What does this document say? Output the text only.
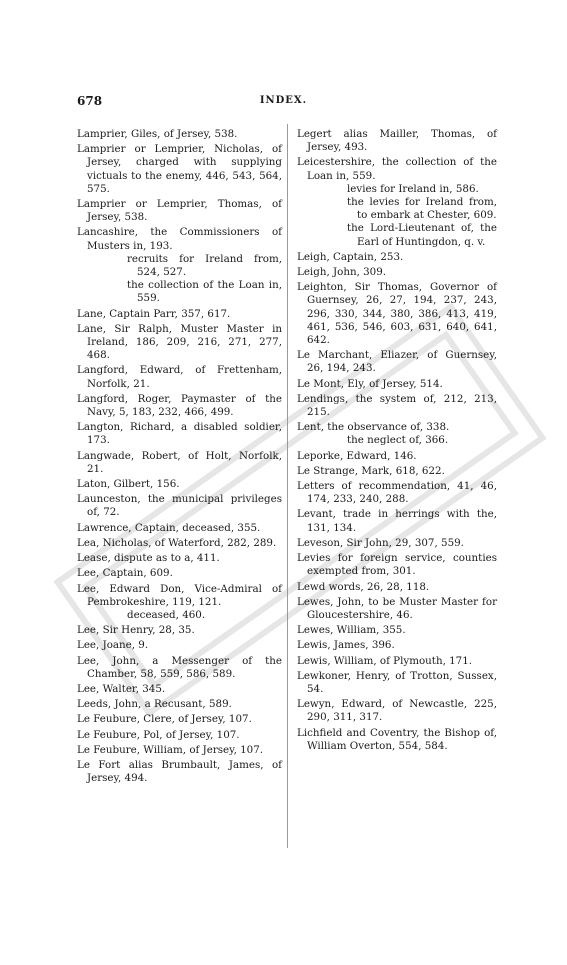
678	INDEX.
Lamprier, Giles, of Jersey, 538.
Lamprier or Lemprier, Nicholas, of Jersey, charged with supplying victuals to the enemy, 446, 543, 564, 575.
Lamprier or Lemprier, Thomas, of Jersey, 538.
Lancashire, the Commissioners of Musters in, 193.
recruits for Ireland from, 524, 527.
the collection of the Loan in, 559.
Lane, Captain Parr, 357, 617.
Lane, Sir Ralph, Muster Master in Ireland, 186, 209, 216, 271, 277, 468.
Langford, Edward, of Frettenham, Norfolk, 21.
Langford, Roger, Paymaster of the Navy, 5, 183, 232, 466, 499.
Langton, Richard, a disabled soldier, 173.
Langwade, Robert, of Holt, Norfolk, 21.
Laton, Gilbert, 156.
Launceston, the municipal privileges of, 72.
Lawrence, Captain, deceased, 355.
Lea, Nicholas, of Waterford, 282, 289.
Lease, dispute as to a, 411.
Lee, Captain, 609.
Lee, Edward Don, Vice-Admiral of Pembrokeshire, 119, 121.
deceased, 460.
Lee, Sir Henry, 28, 35.
Lee, Joane, 9.
Lee, John, a Messenger of the Chamber, 58, 559, 586, 589.
Lee, Walter, 345.
Leeds, John, a Recusant, 589.
Le Feubure, Clere, of Jersey, 107.
Le Feubure, Pol, of Jersey, 107.
Le Feubure, William, of Jersey, 107.
Le Fort alias Brumbault, James, of Jersey, 494.
Legert alias Mailler, Thomas, of Jersey, 493.
Leicestershire, the collection of the Loan in, 559.
levies for Ireland in, 586.
the levies for Ireland from, to embark at Chester, 609.
the Lord-Lieutenant of, the Earl of Huntingdon, q. v.
Leigh, Captain, 253.
Leigh, John, 309.
Leighton, Sir Thomas, Governor of Guernsey, 26, 27, 194, 237, 243, 296, 330, 344, 380, 386, 413, 419, 461, 536, 546, 603, 631, 640, 641, 642.
Le Marchant, Eliazer, of Guernsey, 26, 194, 243.
Le Mont, Ely, of Jersey, 514.
Lendings, the system of, 212, 213, 215.
Lent, the observance of, 338.
the neglect of, 366.
Leporke, Edward, 146.
Le Strange, Mark, 618, 622.
Letters of recommendation, 41, 46, 174, 233, 240, 288.
Levant, trade in herrings with the, 131, 134.
Leveson, Sir John, 29, 307, 559.
Levies for foreign service, counties exempted from, 301.
Lewd words, 26, 28, 118.
Lewes, John, to be Muster Master for Gloucestershire, 46.
Lewes, William, 355.
Lewis, James, 396.
Lewis, William, of Plymouth, 171.
Lewkoner, Henry, of Trotton, Sussex, 54.
Lewyn, Edward, of Newcastle, 225, 290, 311, 317.
Lichfield and Coventry, the Bishop of, William Overton, 554, 584.
